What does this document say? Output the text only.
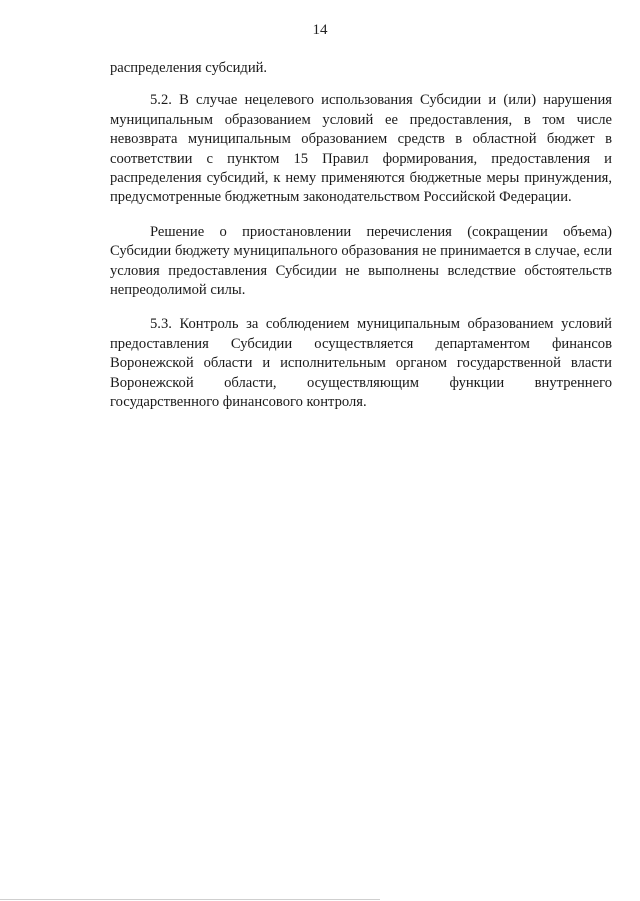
14

распределения субсидий.

5.2. В случае нецелевого использования Субсидии и (или) нарушения муниципальным образованием условий ее предоставления, в том числе невозврата муниципальным образованием средств в областной бюджет в соответствии с пунктом 15 Правил формирования, предоставления и распределения субсидий, к нему применяются бюджетные меры принуждения, предусмотренные бюджетным законодательством Российской Федерации.

Решение о приостановлении перечисления (сокращении объема) Субсидии бюджету муниципального образования не принимается в случае, если условия предоставления Субсидии не выполнены вследствие обстоятельств непреодолимой силы.

5.3. Контроль за соблюдением муниципальным образованием условий предоставления Субсидии осуществляется департаментом финансов Воронежской области и исполнительным органом государственной власти Воронежской области, осуществляющим функции внутреннего государственного финансового контроля.
